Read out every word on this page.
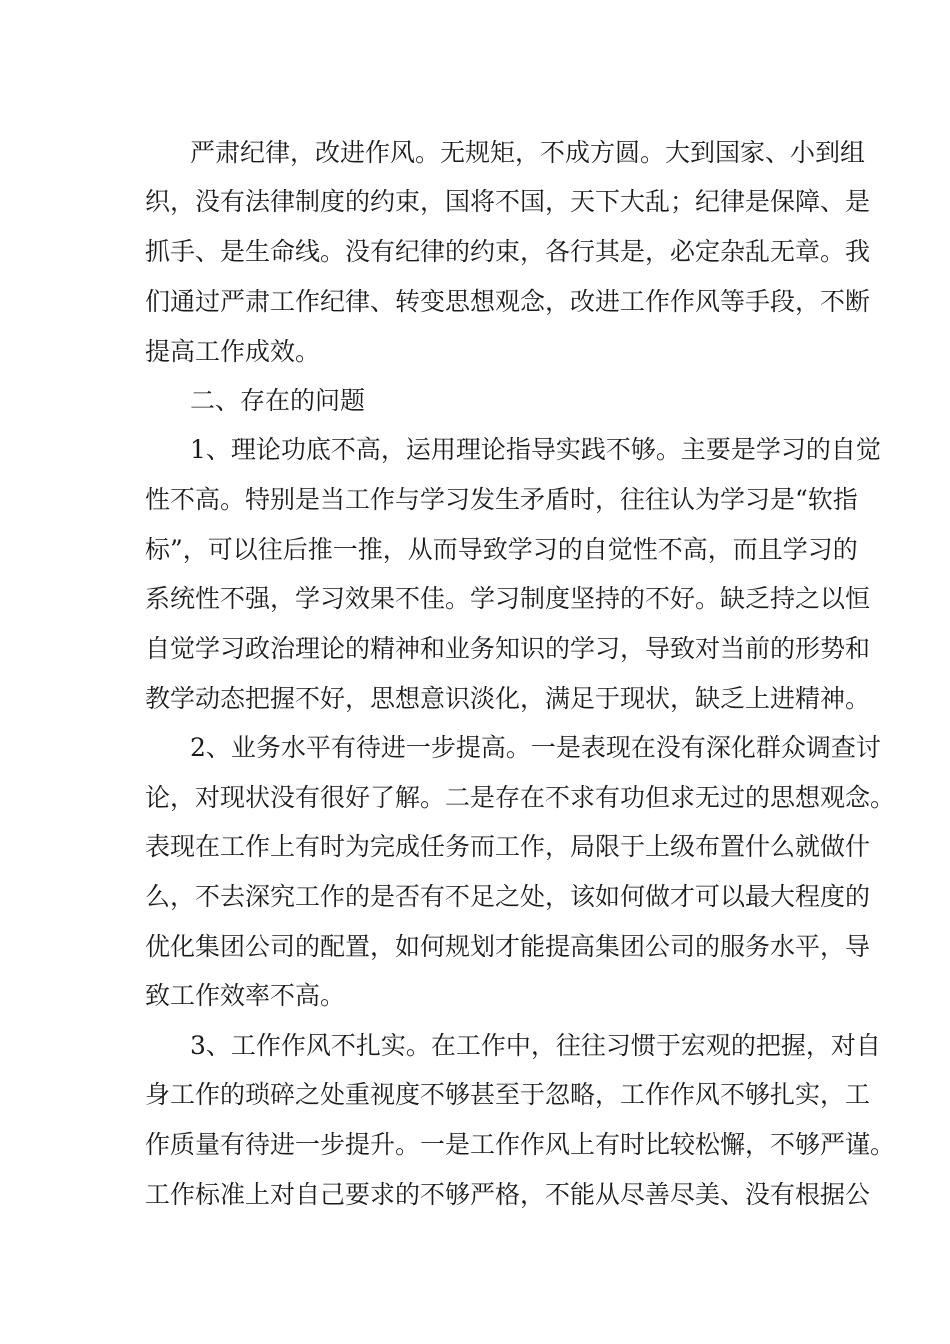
严肃纪律，改进作风。无规矩，不成方圆。大到国家、小到组
织，没有法律制度的约束，国将不国，天下大乱；纪律是保障、是
抓手、是生命线。没有纪律的约束，各行其是，必定杂乱无章。我
们通过严肃工作纪律、转变思想观念，改进工作作风等手段，不断
提高工作成效。
二、存在的问题
1、理论功底不高，运用理论指导实践不够。主要是学习的自觉
性不高。特别是当工作与学习发生矛盾时，往往认为学习是“软指
标”，可以往后推一推，从而导致学习的自觉性不高，而且学习的
系统性不强，学习效果不佳。学习制度坚持的不好。缺乏持之以恒
自觉学习政治理论的精神和业务知识的学习，导致对当前的形势和
教学动态把握不好，思想意识淡化，满足于现状，缺乏上进精神。
2、业务水平有待进一步提高。一是表现在没有深化群众调查讨
论，对现状没有很好了解。二是存在不求有功但求无过的思想观念。
表现在工作上有时为完成任务而工作，局限于上级布置什么就做什
么，不去深究工作的是否有不足之处，该如何做才可以最大程度的
优化集团公司的配置，如何规划才能提高集团公司的服务水平，导
致工作效率不高。
3、工作作风不扎实。在工作中，往往习惯于宏观的把握，对自
身工作的琐碎之处重视度不够甚至于忽略，工作作风不够扎实，工
作质量有待进一步提升。一是工作作风上有时比较松懈，不够严谨。
工作标准上对自己要求的不够严格，不能从尽善尽美、没有根据公
